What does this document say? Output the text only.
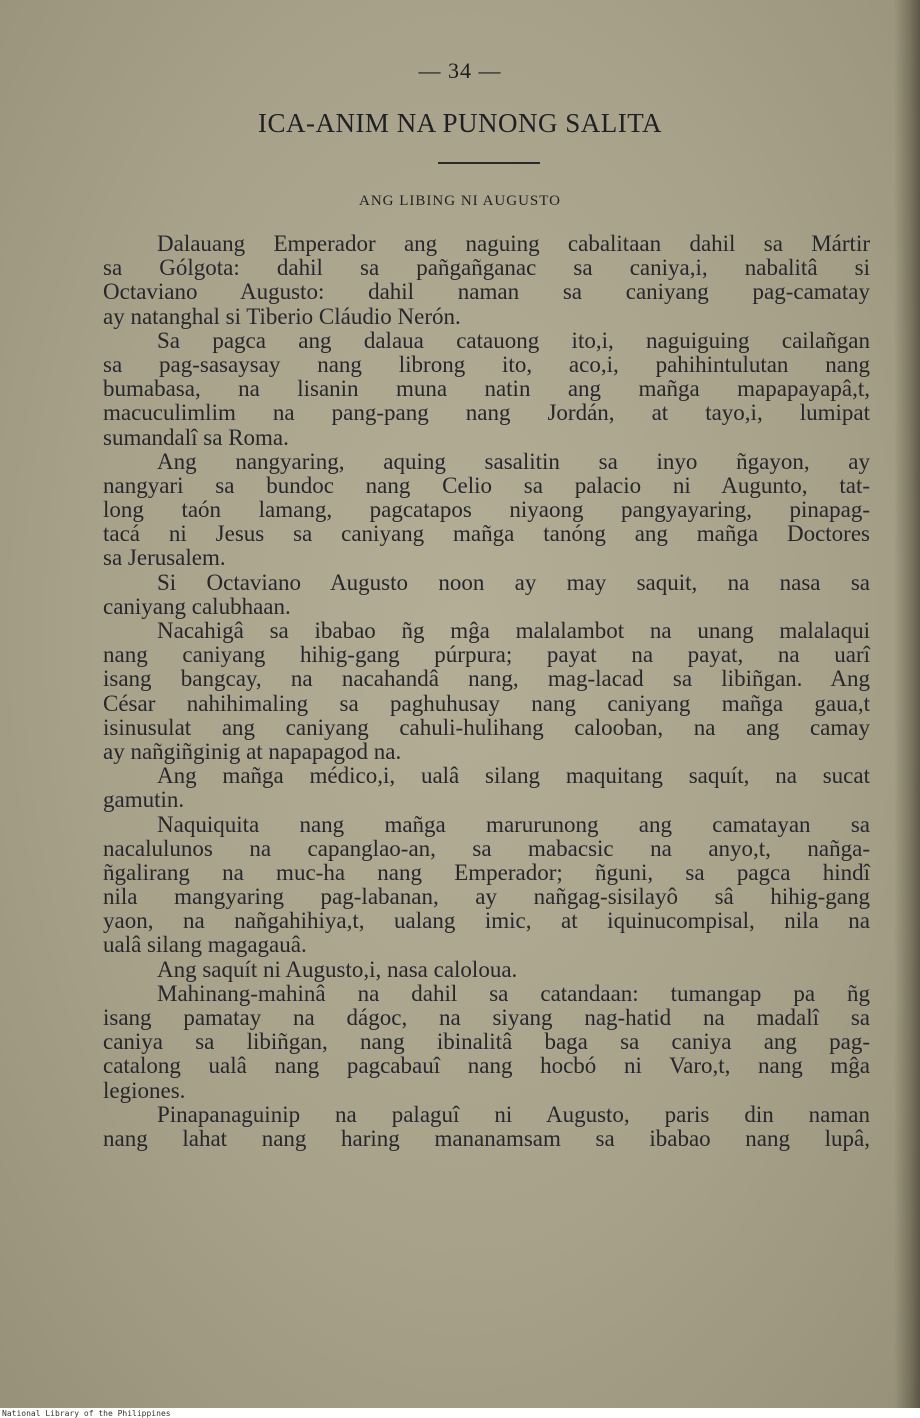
— 34 —
ICA-ANIM NA PUNONG SALITA
ANG LIBING NI AUGUSTO
Dalauang Emperador ang naguing cabalitaan dahil sa Mártir
sa Gólgota: dahil sa pañgañganac sa caniya,i, nabalitâ si
Octaviano Augusto: dahil naman sa caniyang pag-camatay
ay natanghal si Tiberio Cláudio Nerón.
Sa pagca ang dalaua catauong ito,i, naguiguing cailañgan
sa pag-sasaysay nang librong ito, aco,i, pahihintulutan nang
bumabasa, na lisanin muna natin ang mañga mapapayapâ,t,
macuculimlim na pang-pang nang Jordán, at tayo,i, lumipat
sumandalî sa Roma.
Ang nangyaring, aquing sasalitin sa inyo ñgayon, ay
nangyari sa bundoc nang Celio sa palacio ni Augunto, tat-
long taón lamang, pagcatapos niyaong pangyayaring, pinapag-
tacá ni Jesus sa caniyang mañga tanóng ang mañga Doctores
sa Jerusalem.
Si Octaviano Augusto noon ay may saquit, na nasa sa
caniyang calubhaan.
Nacahigâ sa ibabao ñg mĝa malalambot na unang malalaqui
nang caniyang hihig-gang púrpura; payat na payat, na uarî
isang bangcay, na nacahandâ nang, mag-lacad sa libiñgan. Ang
César nahihimaling sa paghuhusay nang caniyang mañga gaua,t
isinusulat ang caniyang cahuli-hulihang calooban, na ang camay
ay nañgiñginig at napapagod na.
Ang mañga médico,i, ualâ silang maquitang saquít, na sucat
gamutin.
Naquiquita nang mañga marurunong ang camatayan sa
nacalulunos na capanglao-an, sa mabacsic na anyo,t, nañga-
ñgalirang na muc-ha nang Emperador; ñguni, sa pagca hindî
nila mangyaring pag-labanan, ay nañgag-sisilayô sâ hihig-gang
yaon, na nañgahihiya,t, ualang imic, at iquinucompisal, nila na
ualâ silang magagauâ.
Ang saquít ni Augusto,i, nasa caloloua.
Mahinang-mahinâ na dahil sa catandaan: tumangap pa ñg
isang pamatay na dágoc, na siyang nag-hatid na madalî sa
caniya sa libiñgan, nang ibinalitâ baga sa caniya ang pag-
catalong ualâ nang pagcabauî nang hocbó ni Varo,t, nang mĝa
legiones.
Pinapanaguinip na palaguî ni Augusto, paris din naman
nang lahat nang haring mananamsam sa ibabao nang lupâ,
National Library of the Philippines
